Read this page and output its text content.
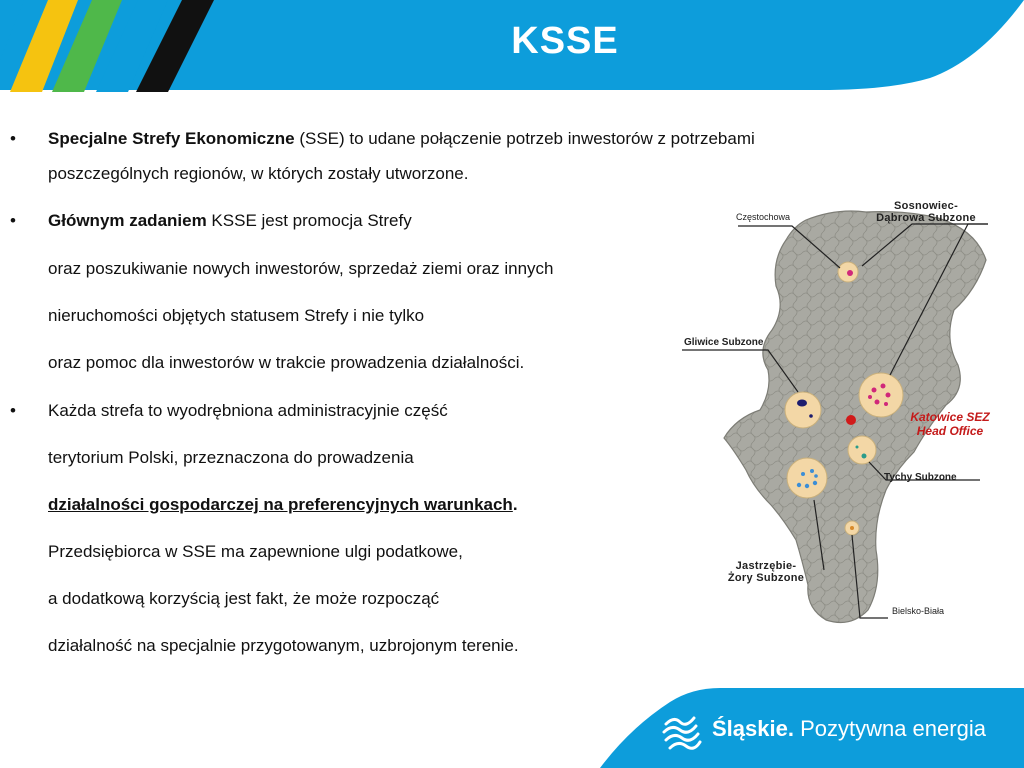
KSSE
• Specjalne Strefy Ekonomiczne (SSE) to udane połączenie potrzeb inwestorów z potrzebami
poszczególnych regionów, w których zostały utworzone.
• Głównym zadaniem KSSE jest promocja Strefy
oraz poszukiwanie nowych inwestorów, sprzedaż ziemi oraz innych
nieruchomości objętych statusem Strefy i nie tylko
oraz pomoc dla inwestorów w trakcie prowadzenia działalności.
• Każda strefa to wyodrębniona administracyjnie część
terytorium Polski, przeznaczona do prowadzenia
działalności gospodarczej na preferencyjnych warunkach.
Przedsiębiorca w SSE ma zapewnione ulgi podatkowe,
a dodatkową korzyścią jest fakt, że może rozpocząć
działalność na specjalnie przygotowanym, uzbrojonym terenie.
Częstochowa
Sosnowiec-
Dąbrowa Subzone
Gliwice Subzone
Katowice SEZ
Head Office
Tychy Subzone
Jastrzębie-
Żory Subzone
Bielsko-Biała
Śląskie. Pozytywna energia
